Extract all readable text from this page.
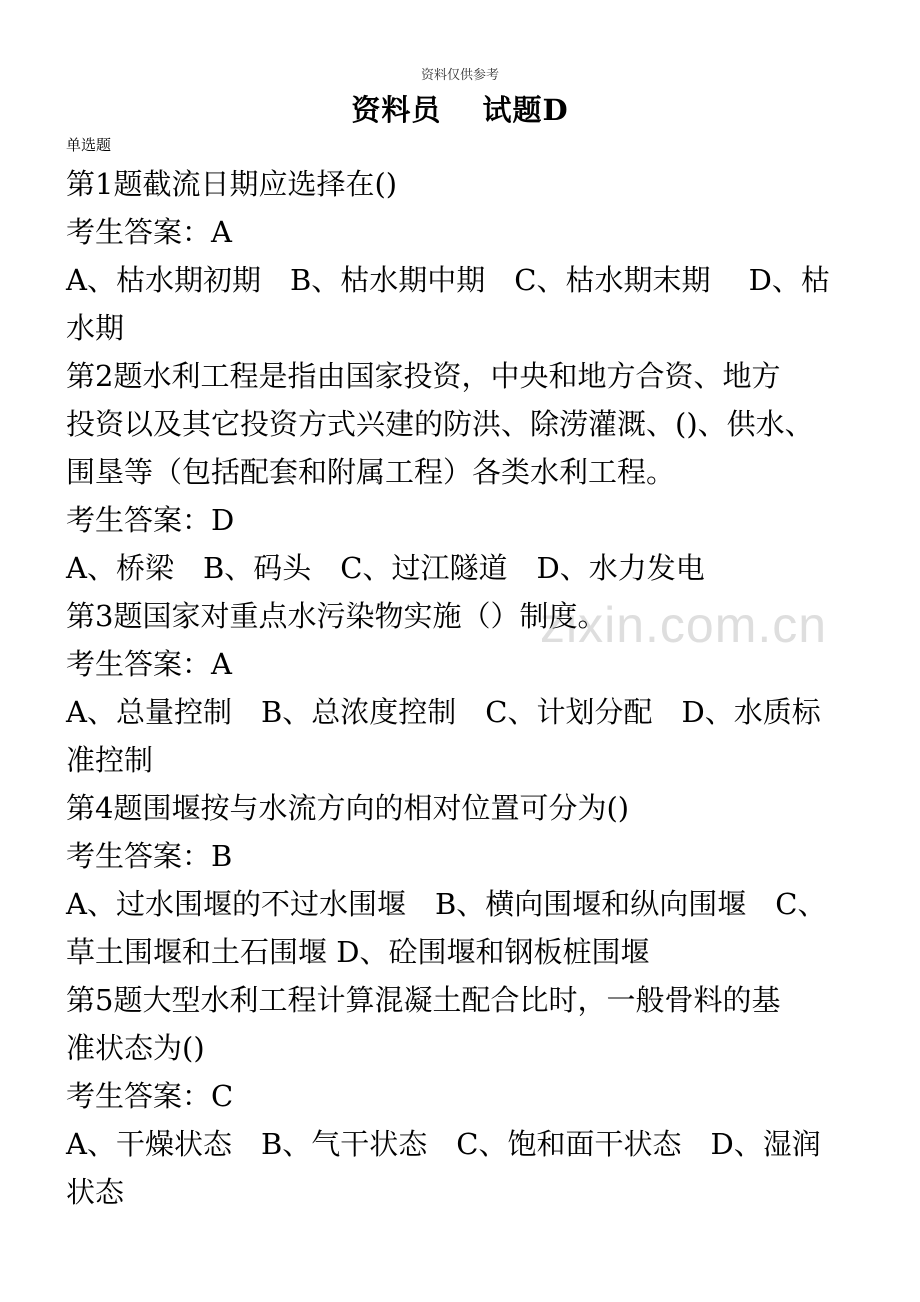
资料仅供参考
资料员　 试题D
单选题
zixin.com.cn
第1题截流日期应选择在()
考生答案：A
A、枯水期初期　B、枯水期中期　C、枯水期末期　 D、枯
水期
第2题水利工程是指由国家投资，中央和地方合资、地方
投资以及其它投资方式兴建的防洪、除涝灌溉、()、供水、
围垦等（包括配套和附属工程）各类水利工程。
考生答案：D
A、桥梁　B、码头　C、过江隧道　D、水力发电
第3题国家对重点水污染物实施（）制度。
考生答案：A
A、总量控制　B、总浓度控制　C、计划分配　D、水质标
准控制
第4题围堰按与水流方向的相对位置可分为()
考生答案：B
A、过水围堰的不过水围堰　B、横向围堰和纵向围堰　C、
草土围堰和土石围堰 D、砼围堰和钢板桩围堰
第5题大型水利工程计算混凝土配合比时，一般骨料的基
准状态为()
考生答案：C
A、干燥状态　B、气干状态　C、饱和面干状态　D、湿润
状态
